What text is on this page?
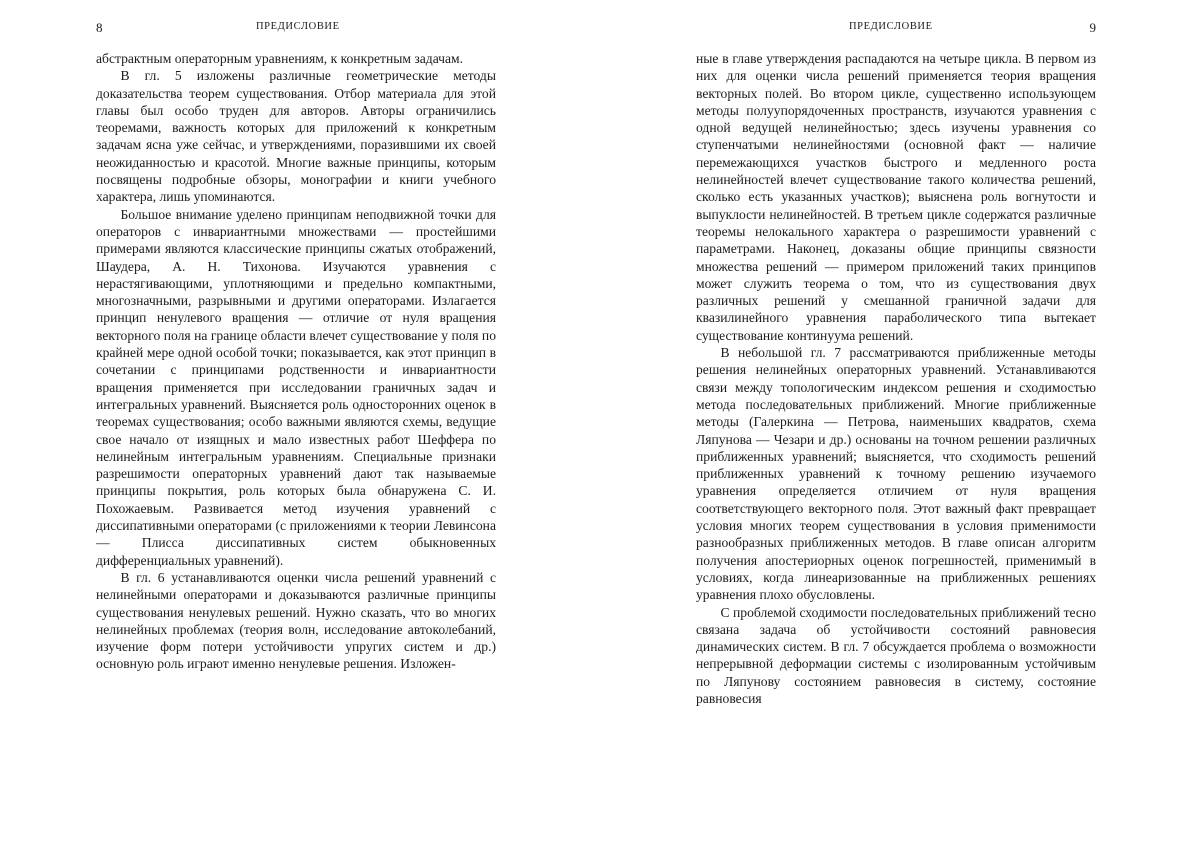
8	ПРЕДИСЛОВИЕ

абстрактным операторным уравнениям, к конкретным задачам.

В гл. 5 изложены различные геометрические методы доказательства теорем существования. Отбор материала для этой главы был особо труден для авторов. Авторы ограничились теоремами, важность которых для приложений к конкретным задачам ясна уже сейчас, и утверждениями, поразившими их своей неожиданностью и красотой. Многие важные принципы, которым посвящены подробные обзоры, монографии и книги учебного характера, лишь упоминаются.

Большое внимание уделено принципам неподвижной точки для операторов с инвариантными множествами — простейшими примерами являются классические принципы сжатых отображений, Шаудера, А. Н. Тихонова. Изучаются уравнения с нерастягивающими, уплотняющими и предельно компактными, многозначными, разрывными и другими операторами. Излагается принцип ненулевого вращения — отличие от нуля вращения векторного поля на границе области влечет существование у поля по крайней мере одной особой точки; показывается, как этот принцип в сочетании с принципами родственности и инвариантности вращения применяется при исследовании граничных задач и интегральных уравнений. Выясняется роль односторонних оценок в теоремах существования; особо важными являются схемы, ведущие свое начало от изящных и мало известных работ Шеффера по нелинейным интегральным уравнениям. Специальные признаки разрешимости операторных уравнений дают так называемые принципы покрытия, роль которых была обнаружена С. И. Похожаевым. Развивается метод изучения уравнений с диссипативными операторами (с приложениями к теории Левинсона — Плисса диссипативных систем обыкновенных дифференциальных уравнений).

В гл. 6 устанавливаются оценки числа решений уравнений с нелинейными операторами и доказываются различные принципы существования ненулевых решений. Нужно сказать, что во многих нелинейных проблемах (теория волн, исследование автоколебаний, изучение форм потери устойчивости упругих систем и др.) основную роль играют именно ненулевые решения. Изложен-

ПРЕДИСЛОВИЕ	9

ные в главе утверждения распадаются на четыре цикла. В первом из них для оценки числа решений применяется теория вращения векторных полей. Во втором цикле, существенно использующем методы полуупорядоченных пространств, изучаются уравнения с одной ведущей нелинейностью; здесь изучены уравнения со ступенчатыми нелинейностями (основной факт — наличие перемежающихся участков быстрого и медленного роста нелинейностей влечет существование такого количества решений, сколько есть указанных участков); выяснена роль вогнутости и выпуклости нелинейностей. В третьем цикле содержатся различные теоремы нелокального характера о разрешимости уравнений с параметрами. Наконец, доказаны общие принципы связности множества решений — примером приложений таких принципов может служить теорема о том, что из существования двух различных решений у смешанной граничной задачи для квазилинейного уравнения параболического типа вытекает существование континуума решений.

В небольшой гл. 7 рассматриваются приближенные методы решения нелинейных операторных уравнений. Устанавливаются связи между топологическим индексом решения и сходимостью метода последовательных приближений. Многие приближенные методы (Галеркина — Петрова, наименьших квадратов, схема Ляпунова — Чезари и др.) основаны на точном решении различных приближенных уравнений; выясняется, что сходимость решений приближенных уравнений к точному решению изучаемого уравнения определяется отличием от нуля вращения соответствующего векторного поля. Этот важный факт превращает условия многих теорем существования в условия применимости разнообразных приближенных методов. В главе описан алгоритм получения апостериорных оценок погрешностей, применимый в условиях, когда линеаризованные на приближенных решениях уравнения плохо обусловлены.

С проблемой сходимости последовательных приближений тесно связана задача об устойчивости состояний равновесия динамических систем. В гл. 7 обсуждается проблема о возможности непрерывной деформации системы с изолированным устойчивым по Ляпунову состоянием равновесия в систему, состояние равновесия
